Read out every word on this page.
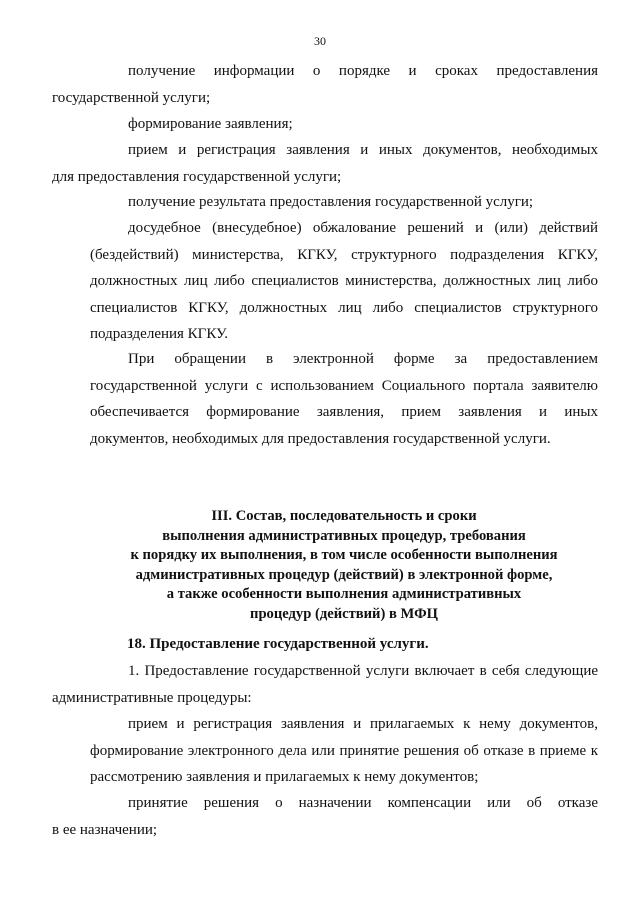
30
получение информации о порядке и сроках предоставления
государственной услуги;
формирование заявления;
прием и регистрация заявления и иных документов, необходимых
для предоставления государственной услуги;
получение результата предоставления государственной услуги;
досудебное (внесудебное) обжалование решений и (или) действий (бездействий) министерства, КГКУ, структурного подразделения КГКУ, должностных лиц либо специалистов министерства, должностных лиц либо специалистов КГКУ, должностных лиц либо специалистов структурного подразделения КГКУ.
При обращении в электронной форме за предоставлением государственной услуги с использованием Социального портала заявителю обеспечивается формирование заявления, прием заявления и иных документов, необходимых для предоставления государственной услуги.
III. Состав, последовательность и сроки
выполнения административных процедур, требования
к порядку их выполнения, в том числе особенности выполнения
административных процедур (действий) в электронной форме,
а также особенности выполнения административных
процедур (действий) в МФЦ
18. Предоставление государственной услуги.
1. Предоставление государственной услуги включает в себя следующие
административные процедуры:
прием и регистрация заявления и прилагаемых к нему документов, формирование электронного дела или принятие решения об отказе в приеме к рассмотрению заявления и прилагаемых к нему документов;
принятие решения о назначении компенсации или об отказе
в ее назначении;
